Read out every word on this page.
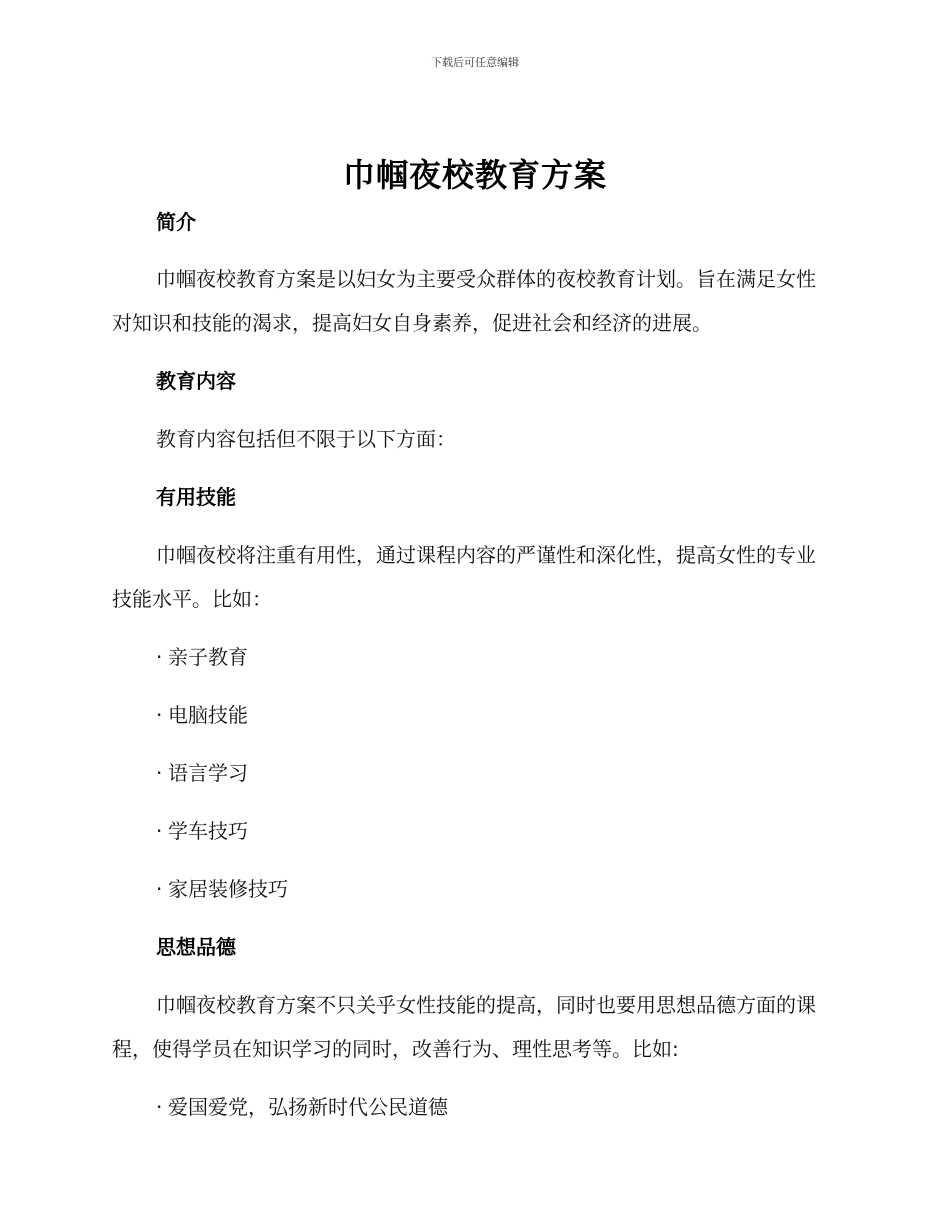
下载后可任意编辑
巾帼夜校教育方案

简介

巾帼夜校教育方案是以妇女为主要受众群体的夜校教育计划。旨在满足女性对知识和技能的渴求，提高妇女自身素养，促进社会和经济的进展。

教育内容

教育内容包括但不限于以下方面：

有用技能

巾帼夜校将注重有用性，通过课程内容的严谨性和深化性，提高女性的专业技能水平。比如：

· 亲子教育

· 电脑技能

· 语言学习

· 学车技巧

· 家居装修技巧

思想品德

巾帼夜校教育方案不只关乎女性技能的提高，同时也要用思想品德方面的课程，使得学员在知识学习的同时，改善行为、理性思考等。比如:

· 爱国爱党，弘扬新时代公民道德
